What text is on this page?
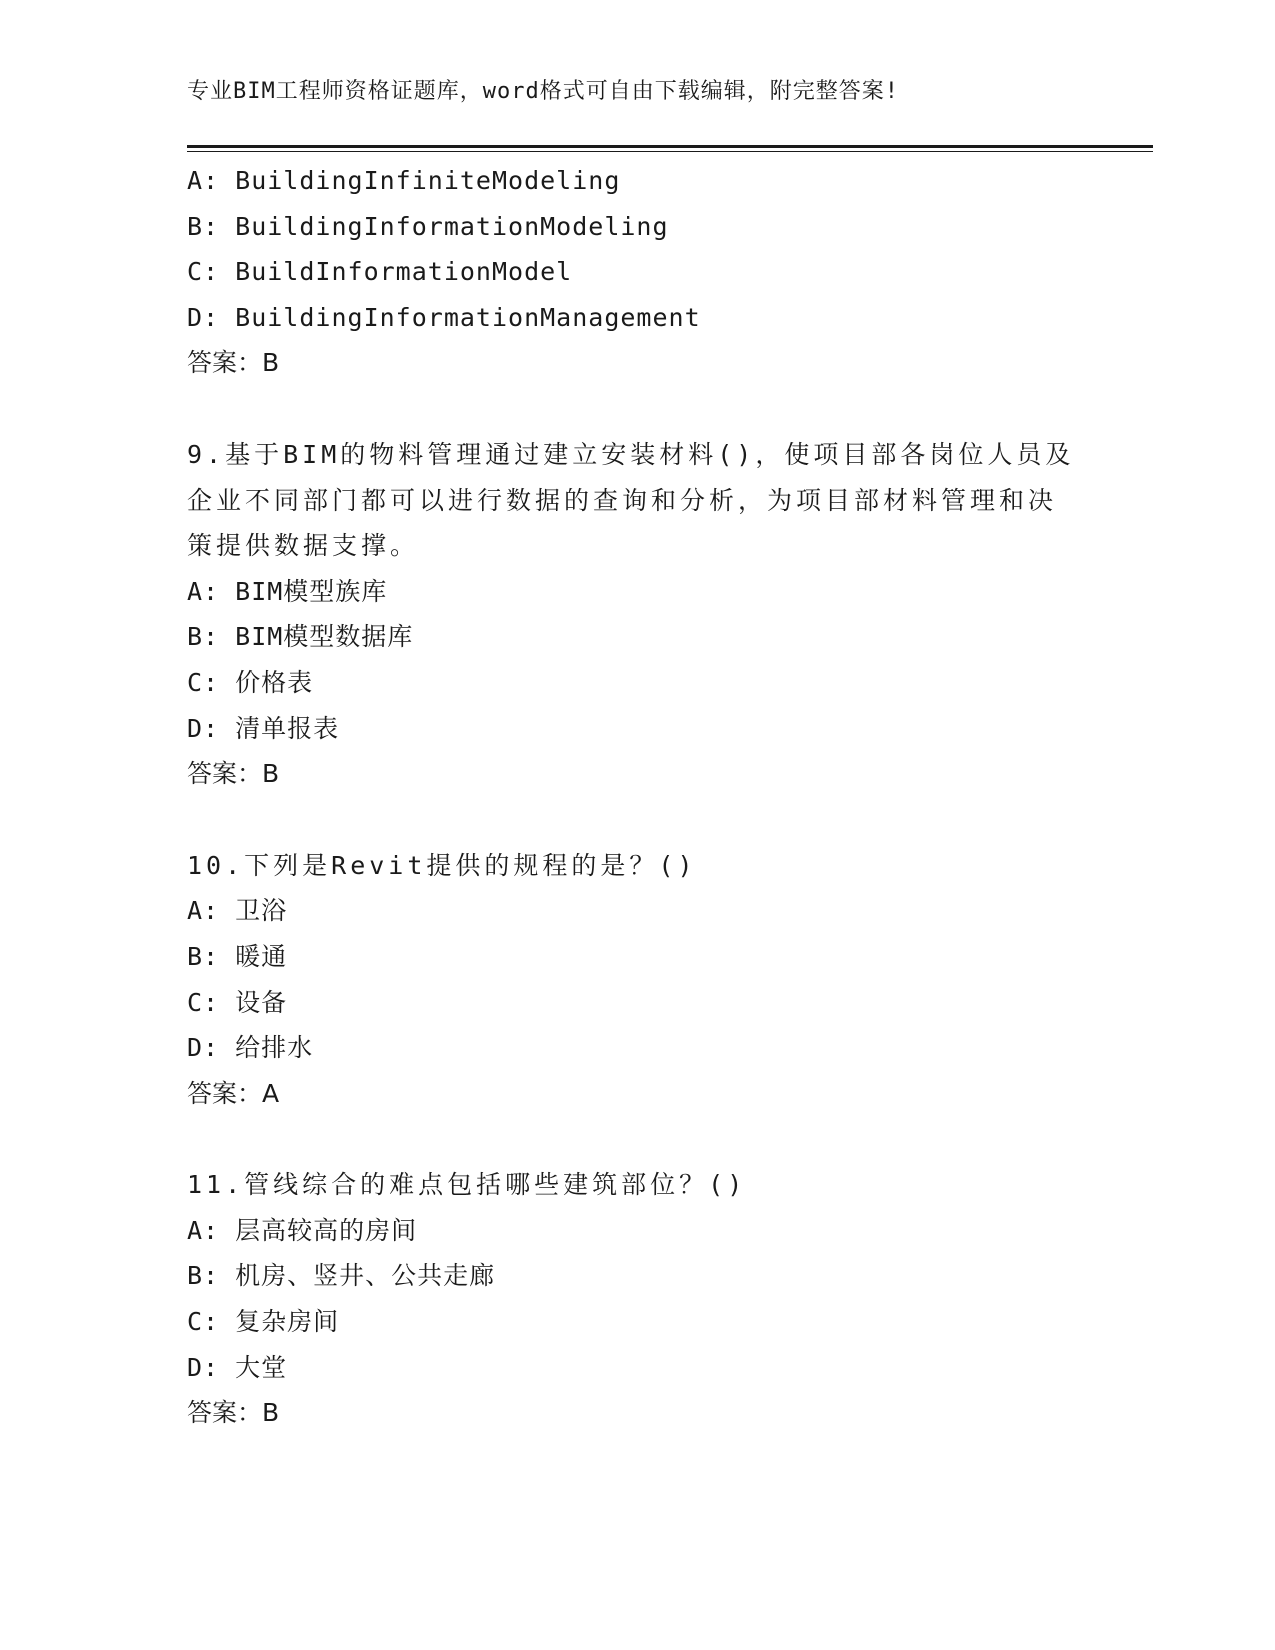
专业BIM工程师资格证题库，word格式可自由下载编辑，附完整答案!
A: BuildingInfiniteModeling
B: BuildingInformationModeling
C: BuildInformationModel
D: BuildingInformationManagement
答案：B
9.基于BIM的物料管理通过建立安装材料()，使项目部各岗位人员及
企业不同部门都可以进行数据的查询和分析，为项目部材料管理和决
策提供数据支撑。
A: BIM模型族库
B: BIM模型数据库
C: 价格表
D: 清单报表
答案：B
10.下列是Revit提供的规程的是？()
A: 卫浴
B: 暖通
C: 设备
D: 给排水
答案：A
11.管线综合的难点包括哪些建筑部位？()
A: 层高较高的房间
B: 机房、竖井、公共走廊
C: 复杂房间
D: 大堂
答案：B
